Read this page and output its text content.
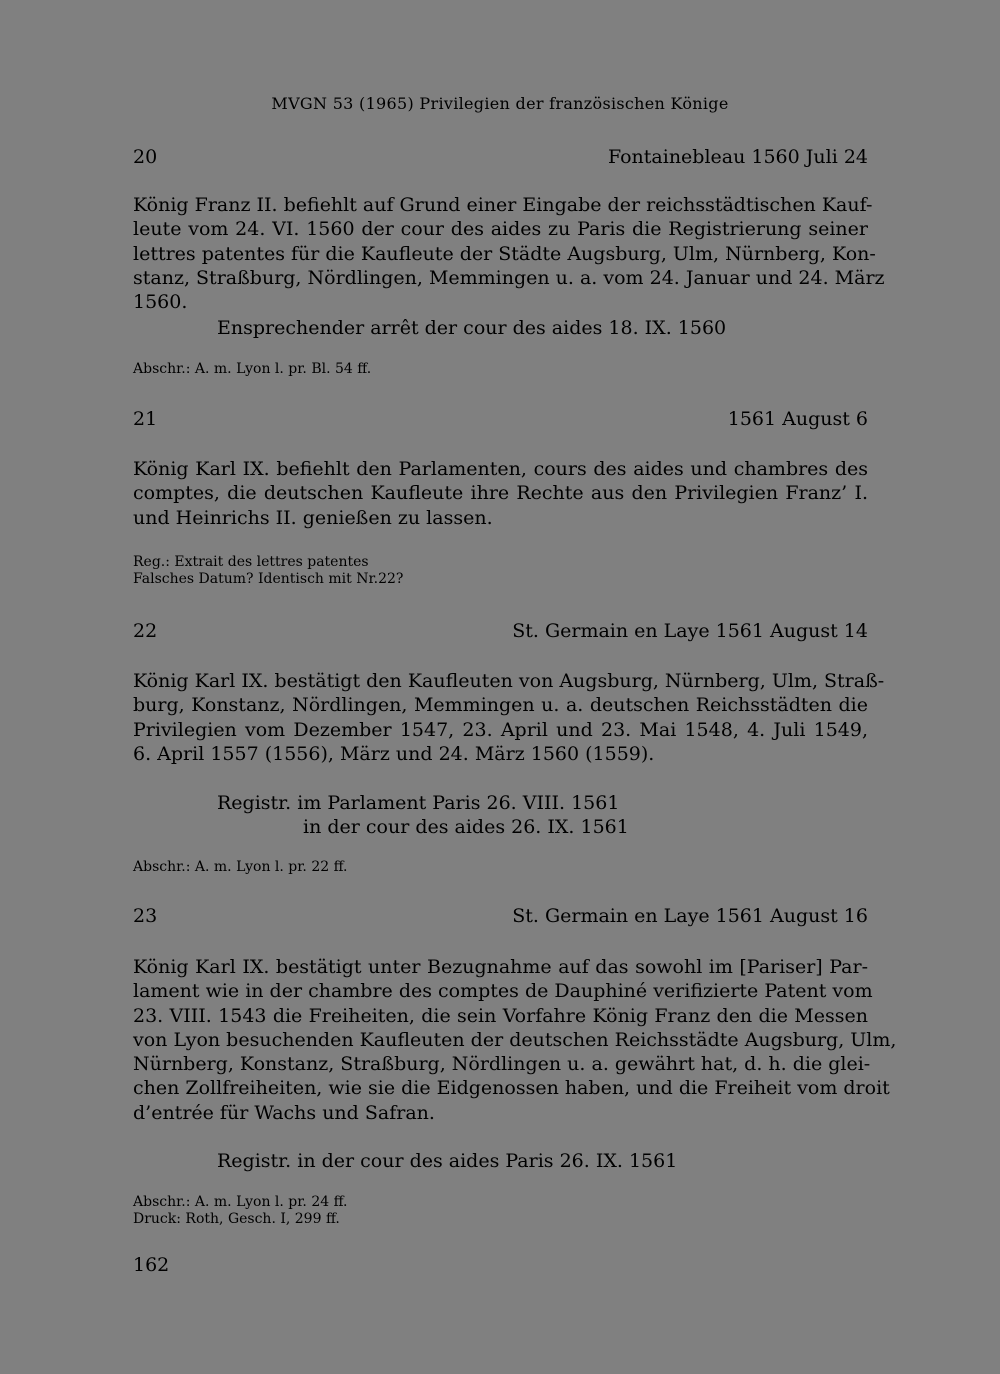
MVGN 53 (1965) Privilegien der französischen Könige
20	Fontainebleau 1560 Juli 24
König Franz II. befiehlt auf Grund einer Eingabe der reichsstädtischen Kauf-
leute vom 24. VI. 1560 der cour des aides zu Paris die Registrierung seiner
lettres patentes für die Kaufleute der Städte Augsburg, Ulm, Nürnberg, Kon-
stanz, Straßburg, Nördlingen, Memmingen u. a. vom 24. Januar und 24. März
1560.
Ensprechender arrêt der cour des aides 18. IX. 1560
Abschr.: A. m. Lyon l. pr. Bl. 54 ff.
21	1561 August 6
König Karl IX. befiehlt den Parlamenten, cours des aides und chambres des
comptes, die deutschen Kaufleute ihre Rechte aus den Privilegien Franz’ I.
und Heinrichs II. genießen zu lassen.
Reg.: Extrait des lettres patentes
Falsches Datum? Identisch mit Nr.22?
22	St. Germain en Laye 1561 August 14
König Karl IX. bestätigt den Kaufleuten von Augsburg, Nürnberg, Ulm, Straß-
burg, Konstanz, Nördlingen, Memmingen u. a. deutschen Reichsstädten die
Privilegien vom Dezember 1547, 23. April und 23. Mai 1548, 4. Juli 1549,
6. April 1557 (1556), März und 24. März 1560 (1559).
Registr. im Parlament Paris 26. VIII. 1561
in der cour des aides 26. IX. 1561
Abschr.: A. m. Lyon l. pr. 22 ff.
23	St. Germain en Laye 1561 August 16
König Karl IX. bestätigt unter Bezugnahme auf das sowohl im [Pariser] Par-
lament wie in der chambre des comptes de Dauphiné verifizierte Patent vom
23. VIII. 1543 die Freiheiten, die sein Vorfahre König Franz den die Messen
von Lyon besuchenden Kaufleuten der deutschen Reichsstädte Augsburg, Ulm,
Nürnberg, Konstanz, Straßburg, Nördlingen u. a. gewährt hat, d. h. die glei-
chen Zollfreiheiten, wie sie die Eidgenossen haben, und die Freiheit vom droit
d’entrée für Wachs und Safran.
Registr. in der cour des aides Paris 26. IX. 1561
Abschr.: A. m. Lyon l. pr. 24 ff.
Druck: Roth, Gesch. I, 299 ff.
162
